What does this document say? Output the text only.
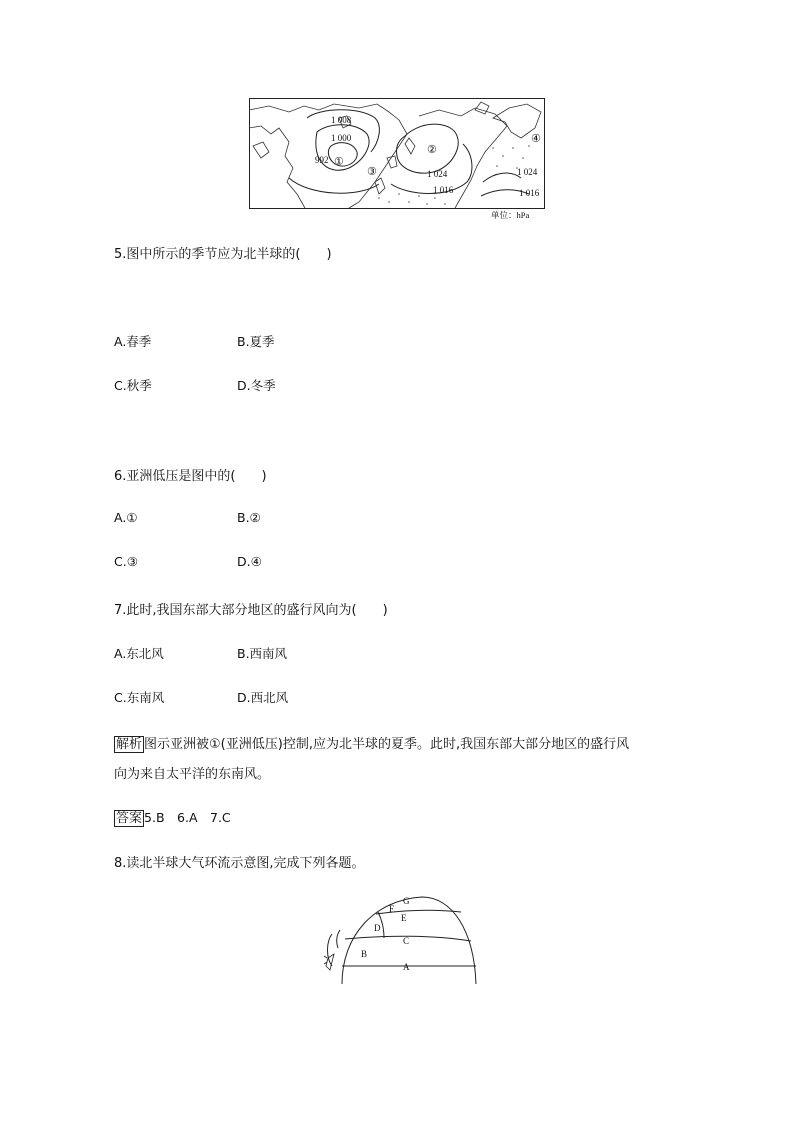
1 008
1 000
992
1 024
1 016
1 024
1 016
①
②
③
④
单位：hPa
5.图中所示的季节应为北半球的(　　)
A.春季	B.夏季
C.秋季	D.冬季
6.亚洲低压是图中的(　　)
A.①	B.②
C.③	D.④
7.此时,我国东部大部分地区的盛行风向为(　　)
A.东北风	B.西南风
C.东南风	D.西北风
解析 图示亚洲被①(亚洲低压)控制,应为北半球的夏季。此时,我国东部大部分地区的盛行风
向为来自太平洋的东南风。
答案 5.B　6.A　7.C
8.读北半球大气环流示意图,完成下列各题。
G
F
E
D
C
B
A
